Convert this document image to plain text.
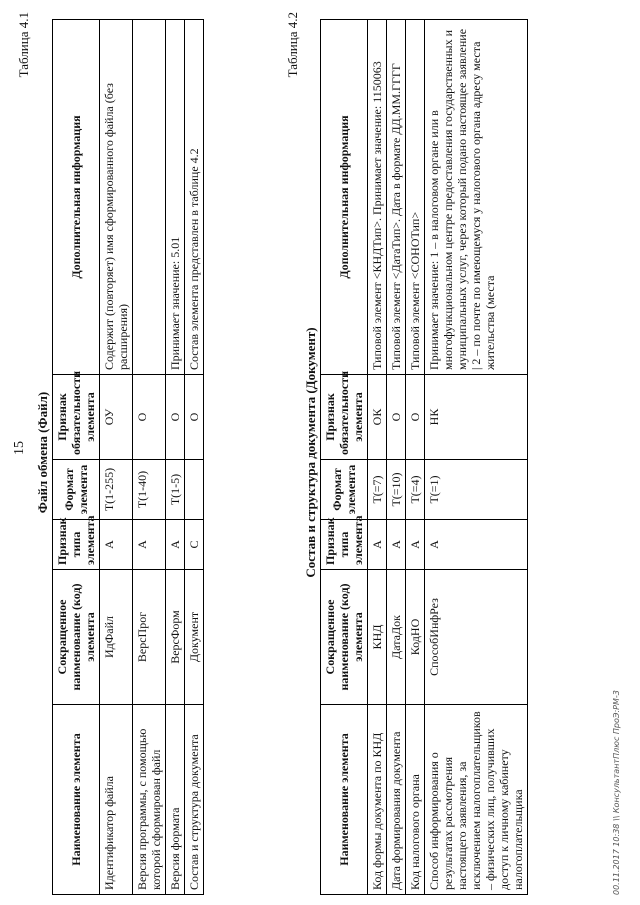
15
Таблица 4.1
Файл обмена (Файл)
Наименование элемента	Сокращенное наименование (код) элемента	Признак типа элемента	Формат элемента	Признак обязательности элемента	Дополнительная информация
Идентификатор файла	ИдФайл	А	T(1-255)	ОУ	Содержит (повторяет) имя сформированного файла (без расширения)
Версия программы, с помощью которой сформирован файл	ВерсПрог	А	T(1-40)	О	
Версия формата	ВерсФорм	А	T(1-5)	О	Принимает значение: 5.01
Состав и структура документа	Документ	С		О	Состав элемента представлен в таблице 4.2
Таблица 4.2
Состав и структура документа (Документ)
Наименование элемента	Сокращенное наименование (код) элемента	Признак типа элемента	Формат элемента	Признак обязательности элемента	Дополнительная информация
Код формы документа по КНД	КНД	А	T(=7)	ОК	Типовой элемент <КНДТип>. Принимает значение: 1150063
Дата формирования документа	ДатаДок	А	T(=10)	О	Типовой элемент <ДатаТип>. Дата в формате ДД.ММ.ГГГГ
Код налогового органа	КодНО	А	T(=4)	О	Типовой элемент <СОНОТип>
Способ информирования о результатах рассмотрения настоящего заявления, за исключением налогоплательщиков – физических лиц, получивших доступ к личному кабинету налогоплательщика	СпособИнфРез	А	T(=1)	НК	Принимает значение: 1 – в налоговом органе или в многофункциональном центре предоставления государственных и муниципальных услуг, через который подано настоящее заявление | 2 – по почте по имеющемуся у налогового органа адресу места жительства (места
00.11.2017 10:38 \\ КонсультантПлюс ПроЭ:РМ-3
